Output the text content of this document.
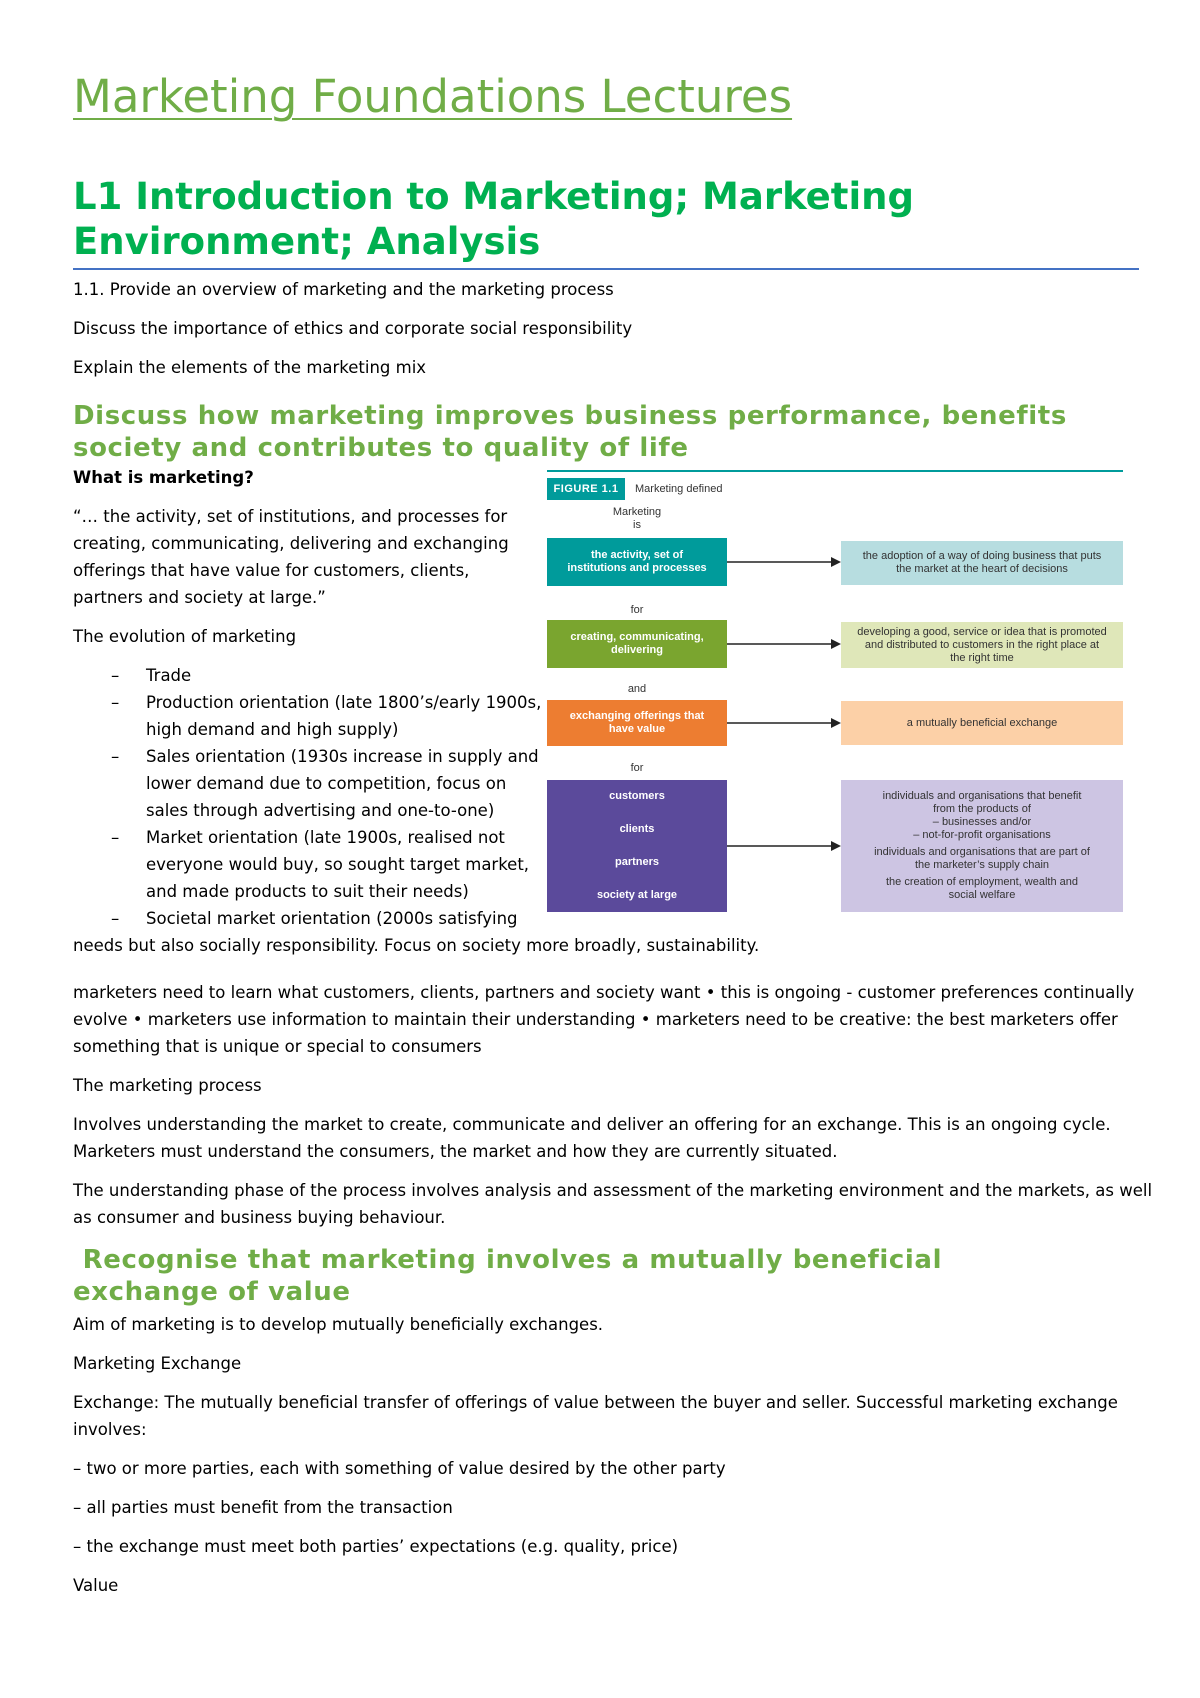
Marketing Foundations Lectures
L1 Introduction to Marketing; Marketing Environment; Analysis

1.1. Provide an overview of marketing and the marketing process

Discuss the importance of ethics and corporate social responsibility

Explain the elements of the marketing mix

Discuss how marketing improves business performance, benefits society and contributes to quality of life

What is marketing?

“… the activity, set of institutions, and processes for

creating, communicating, delivering and exchanging

offerings that have value for customers, clients,

partners and society at large.”

The evolution of marketing

– Trade
– Production orientation (late 1800’s/early 1900s, high demand and high supply)
– Sales orientation (1930s increase in supply and lower demand due to competition, focus on sales through advertising and one-to-one)
– Market orientation (late 1900s, realised not everyone would buy, so sought target market, and made products to suit their needs)
– Societal market orientation (2000s satisfying

needs but also socially responsibility. Focus on society more broadly, sustainability.

marketers need to learn what customers, clients, partners and society want • this is ongoing - customer preferences continually

evolve • marketers use information to maintain their understanding • marketers need to be creative: the best marketers offer

something that is unique or special to consumers

The marketing process

Involves understanding the market to create, communicate and deliver an offering for an exchange. This is an ongoing cycle.

Marketers must understand the consumers, the market and how they are currently situated.

The understanding phase of the process involves analysis and assessment of the marketing environment and the markets, as well

as consumer and business buying behaviour.

Recognise that marketing involves a mutually beneficial
exchange of value

Aim of marketing is to develop mutually beneficially exchanges.

Marketing Exchange

Exchange: The mutually beneficial transfer of offerings of value between the buyer and seller. Successful marketing exchange

involves:

– two or more parties, each with something of value desired by the other party

– all parties must benefit from the transaction

– the exchange must meet both parties’ expectations (e.g. quality, price)

Value

FIGURE 1.1	Marketing defined
Marketing
is
the activity, set of institutions and processes
the adoption of a way of doing business that puts the market at the heart of decisions
for
creating, communicating, delivering
developing a good, service or idea that is promoted and distributed to customers in the right place at the right time
and
exchanging offerings that have value
a mutually beneficial exchange
for
customers
clients
partners
society at large
individuals and organisations that benefit
from the products of
– businesses and/or
– not-for-profit organisations
individuals and organisations that are part of
the marketer’s supply chain
the creation of employment, wealth and
social welfare
